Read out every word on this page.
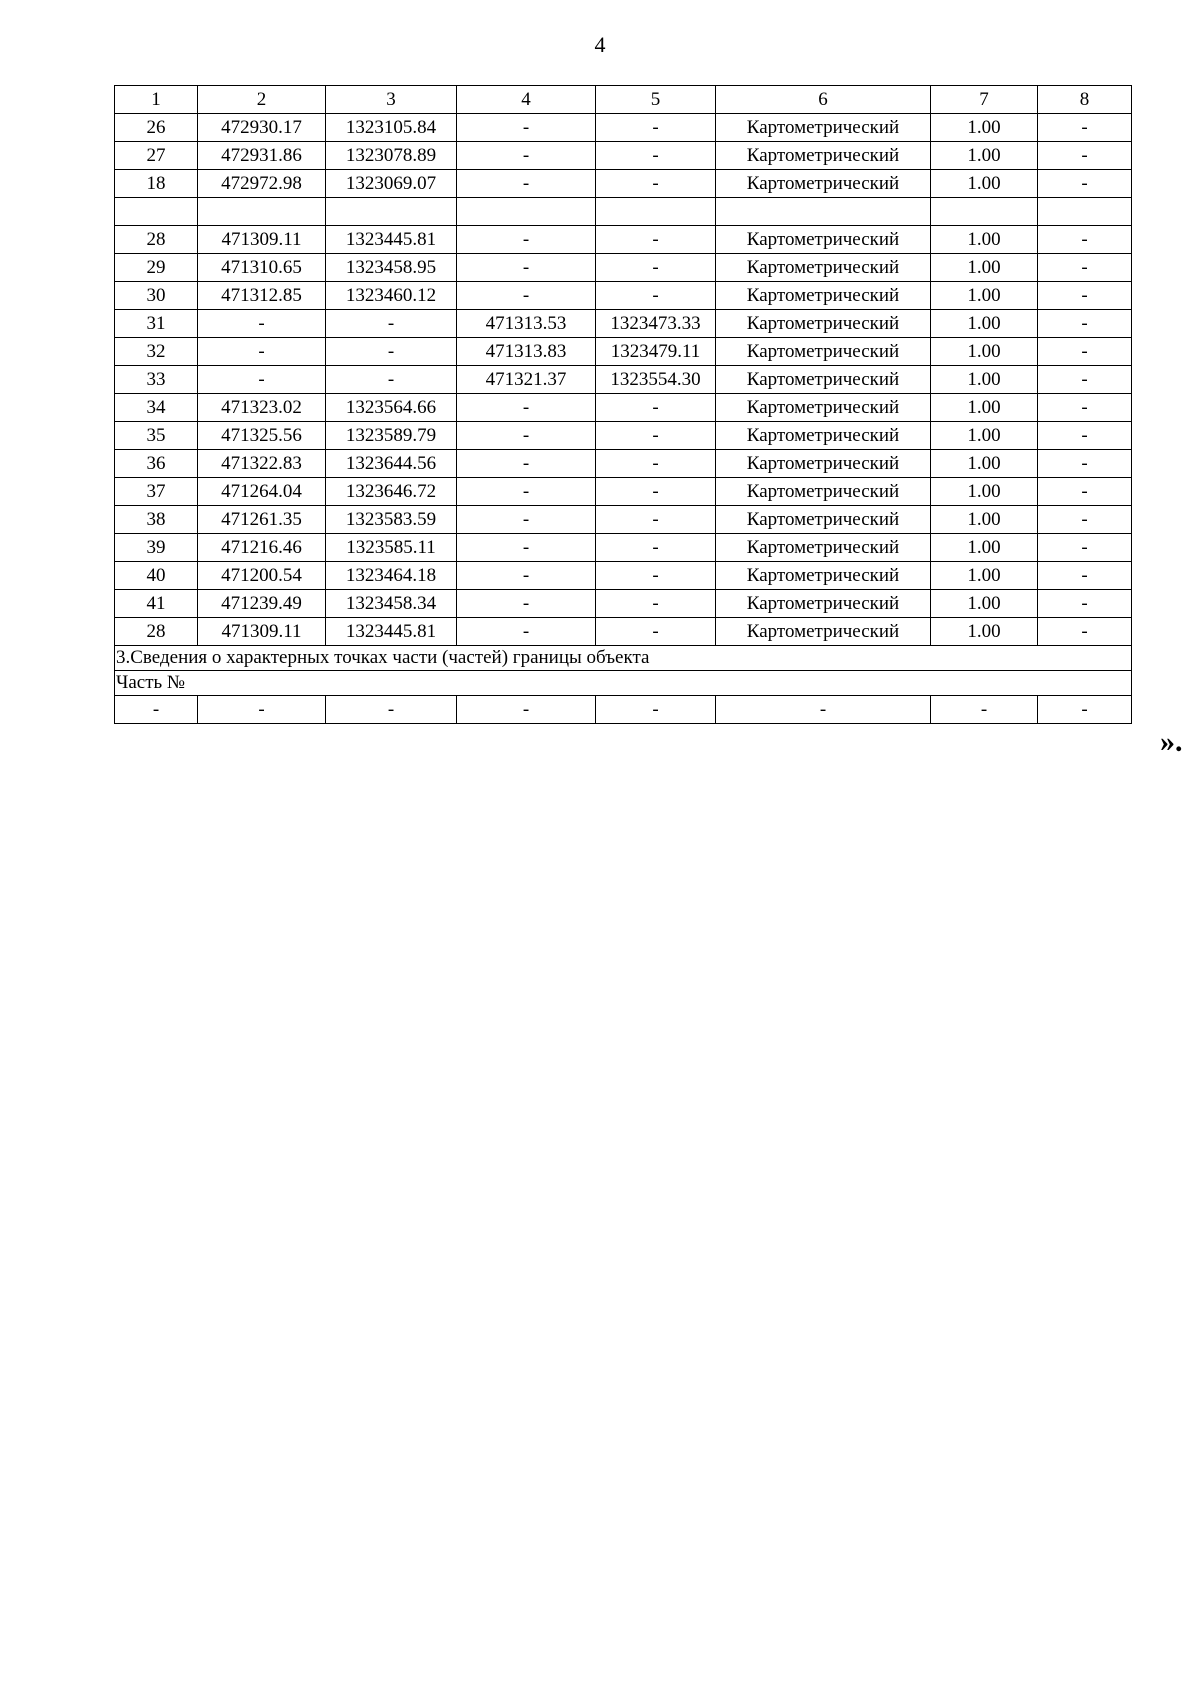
4
1	2	3	4	5	6	7	8
26	472930.17	1323105.84	-	-	Картометрический	1.00	-
27	472931.86	1323078.89	-	-	Картометрический	1.00	-
18	472972.98	1323069.07	-	-	Картометрический	1.00	-

28	471309.11	1323445.81	-	-	Картометрический	1.00	-
29	471310.65	1323458.95	-	-	Картометрический	1.00	-
30	471312.85	1323460.12	-	-	Картометрический	1.00	-
31	-	-	471313.53	1323473.33	Картометрический	1.00	-
32	-	-	471313.83	1323479.11	Картометрический	1.00	-
33	-	-	471321.37	1323554.30	Картометрический	1.00	-
34	471323.02	1323564.66	-	-	Картометрический	1.00	-
35	471325.56	1323589.79	-	-	Картометрический	1.00	-
36	471322.83	1323644.56	-	-	Картометрический	1.00	-
37	471264.04	1323646.72	-	-	Картометрический	1.00	-
38	471261.35	1323583.59	-	-	Картометрический	1.00	-
39	471216.46	1323585.11	-	-	Картометрический	1.00	-
40	471200.54	1323464.18	-	-	Картометрический	1.00	-
41	471239.49	1323458.34	-	-	Картометрический	1.00	-
28	471309.11	1323445.81	-	-	Картометрический	1.00	-
3.Сведения о характерных точках части (частей) границы объекта							
Часть №							
-	-	-	-	-	-	-	-
».
